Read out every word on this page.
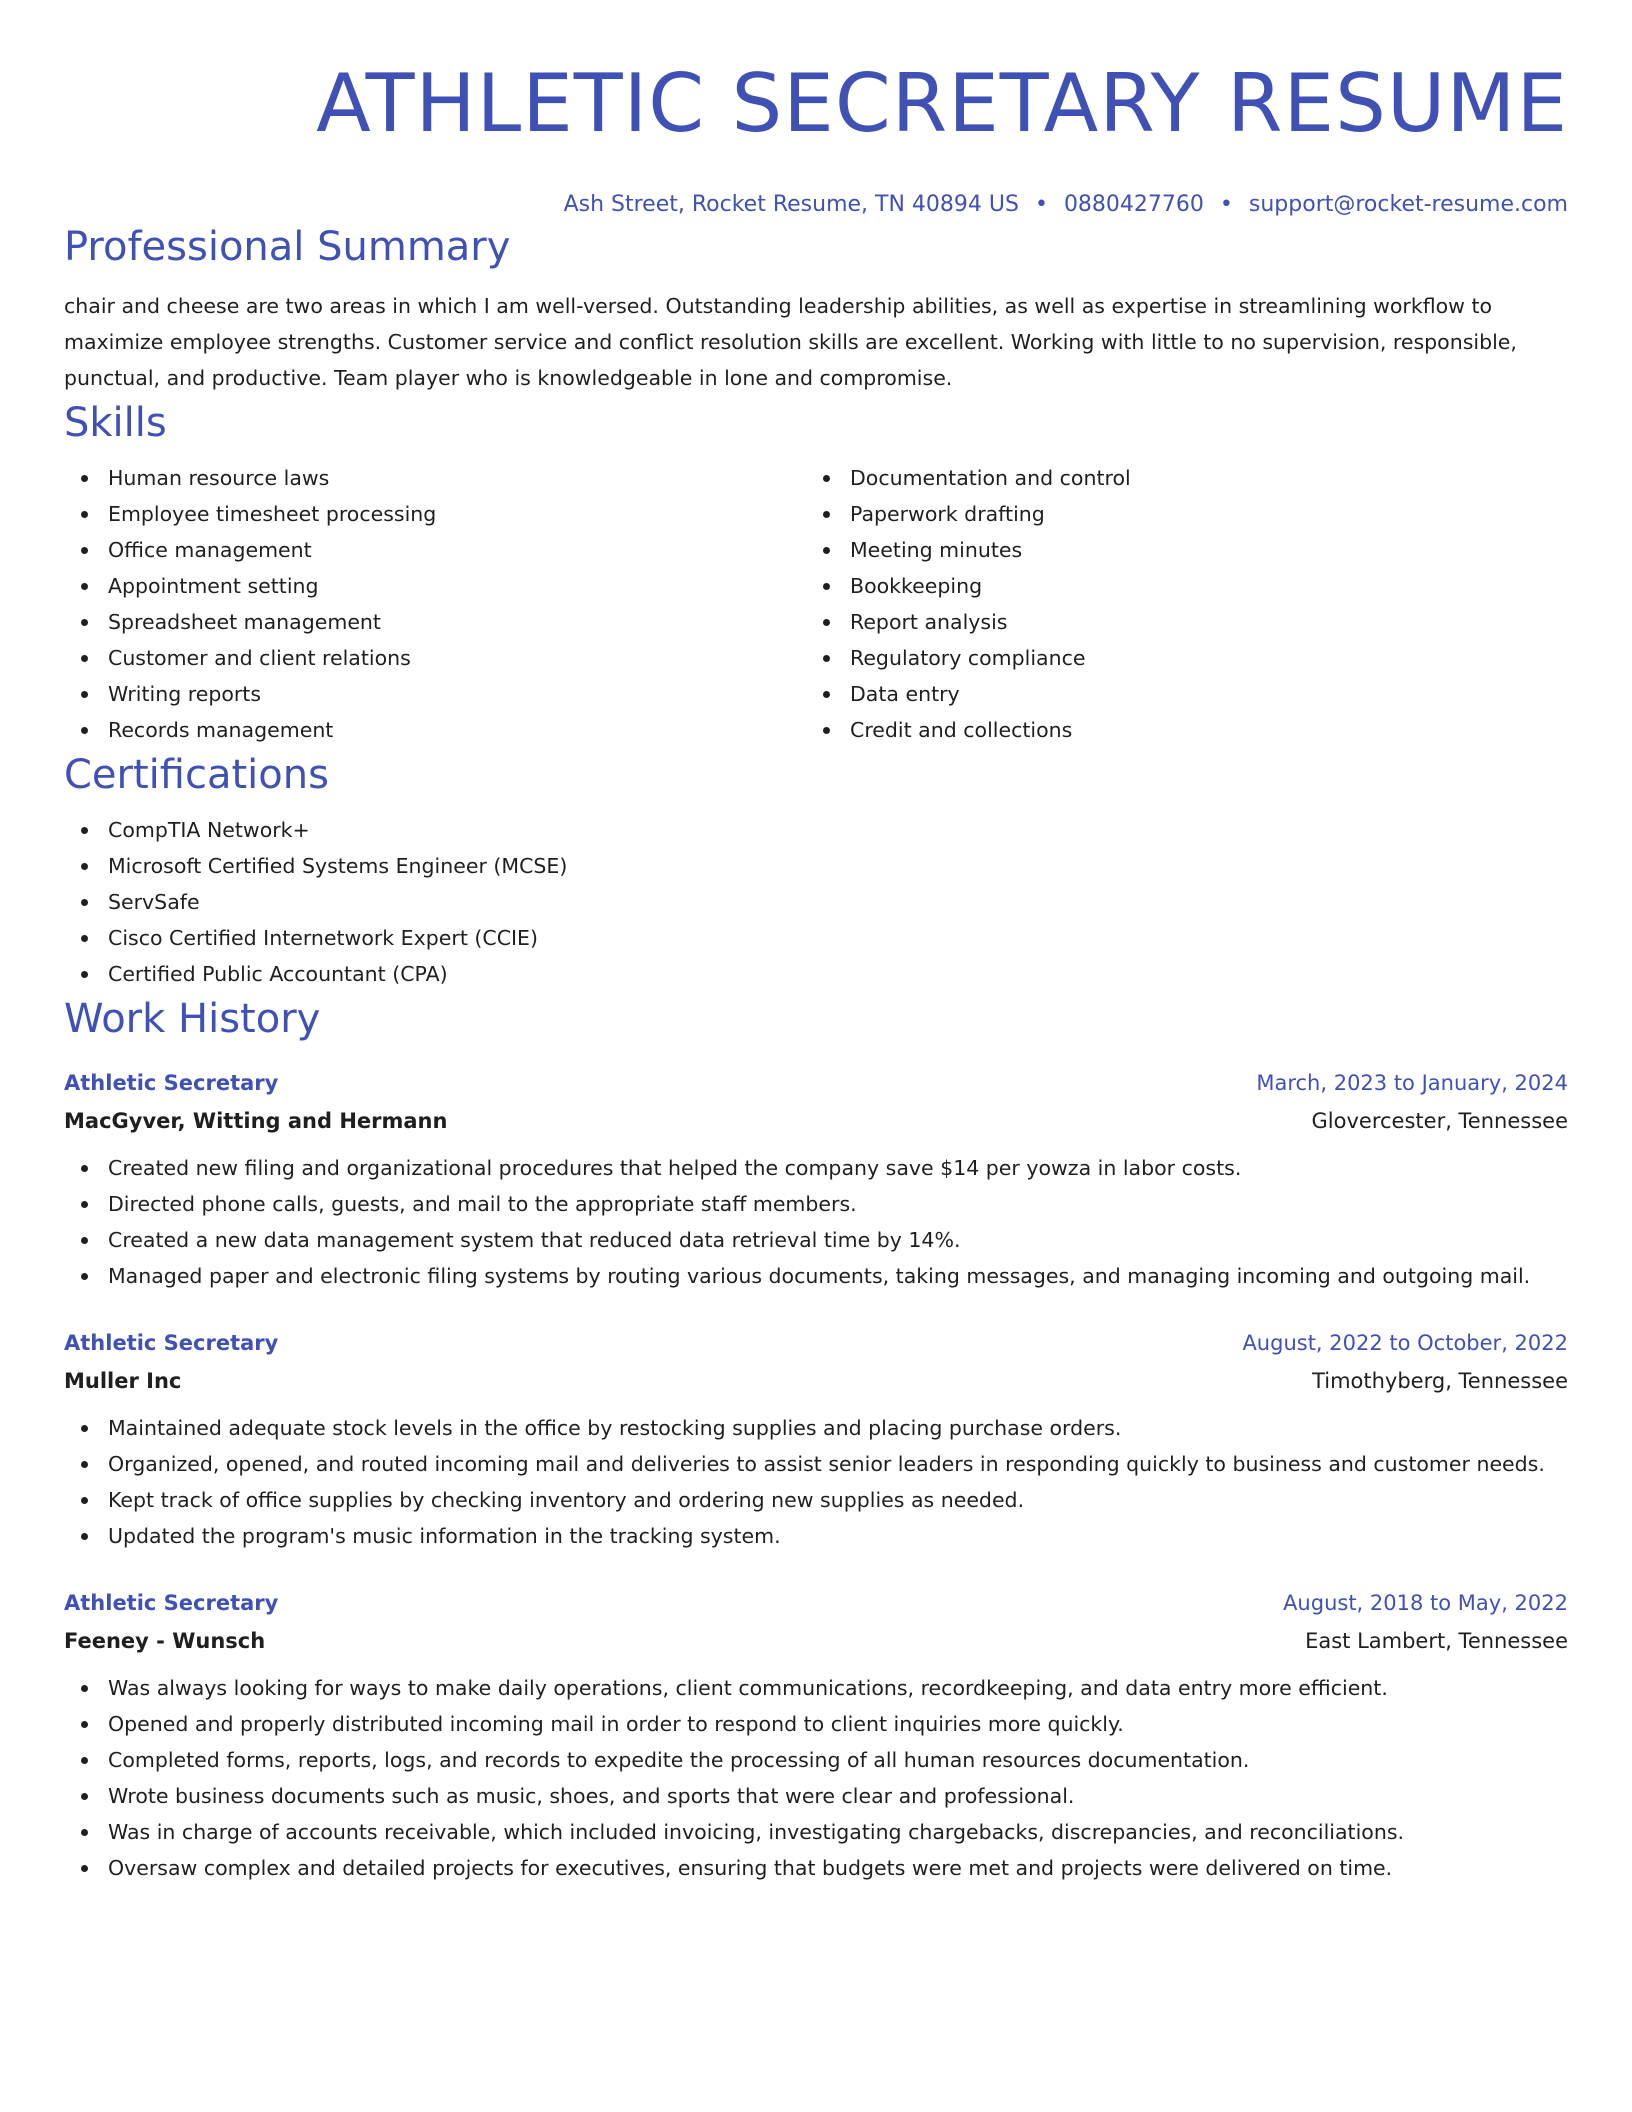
ATHLETIC SECRETARY RESUME
Ash Street, Rocket Resume, TN 40894 US • 0880427760 • support@rocket-resume.com
Professional Summary

chair and cheese are two areas in which I am well-versed. Outstanding leadership abilities, as well as expertise in streamlining workflow to maximize employee strengths. Customer service and conflict resolution skills are excellent. Working with little to no supervision, responsible, punctual, and productive. Team player who is knowledgeable in lone and compromise.

Skills
Human resource laws
Employee timesheet processing
Office management
Appointment setting
Spreadsheet management
Customer and client relations
Writing reports
Records management
Documentation and control
Paperwork drafting
Meeting minutes
Bookkeeping
Report analysis
Regulatory compliance
Data entry
Credit and collections
Certifications
CompTIA Network+
Microsoft Certified Systems Engineer (MCSE)
ServSafe
Cisco Certified Internetwork Expert (CCIE)
Certified Public Accountant (CPA)
Work History
Athletic Secretary	March, 2023 to January, 2024
MacGyver, Witting and Hermann	Glovercester, Tennessee
Created new filing and organizational procedures that helped the company save $14 per yowza in labor costs.
Directed phone calls, guests, and mail to the appropriate staff members.
Created a new data management system that reduced data retrieval time by 14%.
Managed paper and electronic filing systems by routing various documents, taking messages, and managing incoming and outgoing mail.
Athletic Secretary	August, 2022 to October, 2022
Muller Inc	Timothyberg, Tennessee
Maintained adequate stock levels in the office by restocking supplies and placing purchase orders.
Organized, opened, and routed incoming mail and deliveries to assist senior leaders in responding quickly to business and customer needs.
Kept track of office supplies by checking inventory and ordering new supplies as needed.
Updated the program's music information in the tracking system.
Athletic Secretary	August, 2018 to May, 2022
Feeney - Wunsch	East Lambert, Tennessee
Was always looking for ways to make daily operations, client communications, recordkeeping, and data entry more efficient.
Opened and properly distributed incoming mail in order to respond to client inquiries more quickly.
Completed forms, reports, logs, and records to expedite the processing of all human resources documentation.
Wrote business documents such as music, shoes, and sports that were clear and professional.
Was in charge of accounts receivable, which included invoicing, investigating chargebacks, discrepancies, and reconciliations.
Oversaw complex and detailed projects for executives, ensuring that budgets were met and projects were delivered on time.
